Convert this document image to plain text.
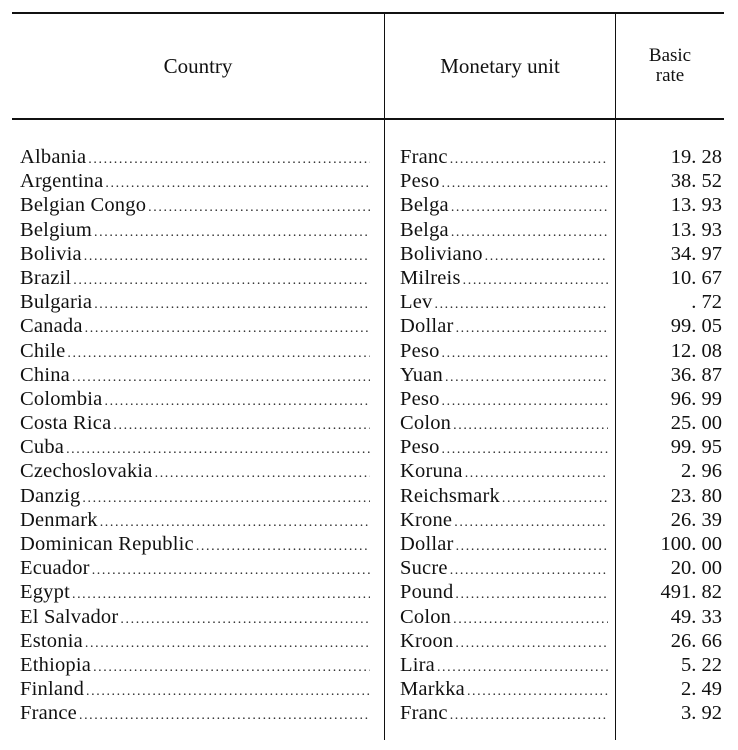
Country	Monetary unit	Basic
rate
Albania .....	Franc .....	19. 28
Argentina .....	Peso .....	38. 52
Belgian Congo .....	Belga .....	13. 93
Belgium .....	Belga .....	13. 93
Bolivia .....	Boliviano .....	34. 97
Brazil .....	Milreis .....	10. 67
Bulgaria .....	Lev .....	. 72
Canada .....	Dollar .....	99. 05
Chile .....	Peso .....	12. 08
China .....	Yuan .....	36. 87
Colombia .....	Peso .....	96. 99
Costa Rica .....	Colon .....	25. 00
Cuba .....	Peso .....	99. 95
Czechoslovakia .....	Koruna .....	2. 96
Danzig .....	Reichsmark .....	23. 80
Denmark .....	Krone .....	26. 39
Dominican Republic .....	Dollar .....	100. 00
Ecuador .....	Sucre .....	20. 00
Egypt .....	Pound .....	491. 82
El Salvador .....	Colon .....	49. 33
Estonia .....	Kroon .....	26. 66
Ethiopia .....	Lira .....	5. 22
Finland .....	Markka .....	2. 49
France .....	Franc .....	3. 92
